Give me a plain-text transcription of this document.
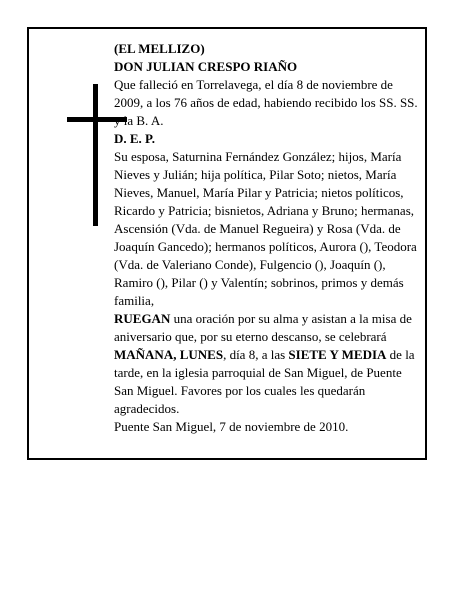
(EL MELLIZO)

DON JULIAN CRESPO RIAÑO

Que falleció en Torrelavega, el día 8 de noviembre de 2009, a los 76 años de edad, habiendo recibido los SS. SS. y la B. A.

D. E. P.

Su esposa, Saturnina Fernández González; hijos, María Nieves y Julián; hija política, Pilar Soto; nietos, María Nieves, Manuel, María Pilar y Patricia; nietos políticos, Ricardo y Patricia; bisnietos, Adriana y Bruno; hermanas, Ascensión (Vda. de Manuel Regueira) y Rosa (Vda. de Joaquín Gancedo); hermanos políticos, Aurora (), Teodora (Vda. de Valeriano Conde), Fulgencio (), Joaquín (), Ramiro (), Pilar () y Valentín; sobrinos, primos y demás familia,

RUEGAN una oración por su alma y asistan a la misa de aniversario que, por su eterno descanso, se celebrará MAÑANA, LUNES, día 8, a las SIETE Y MEDIA de la tarde, en la iglesia parroquial de San Miguel, de Puente San Miguel. Favores por los cuales les quedarán agradecidos.

Puente San Miguel, 7 de noviembre de 2010.
